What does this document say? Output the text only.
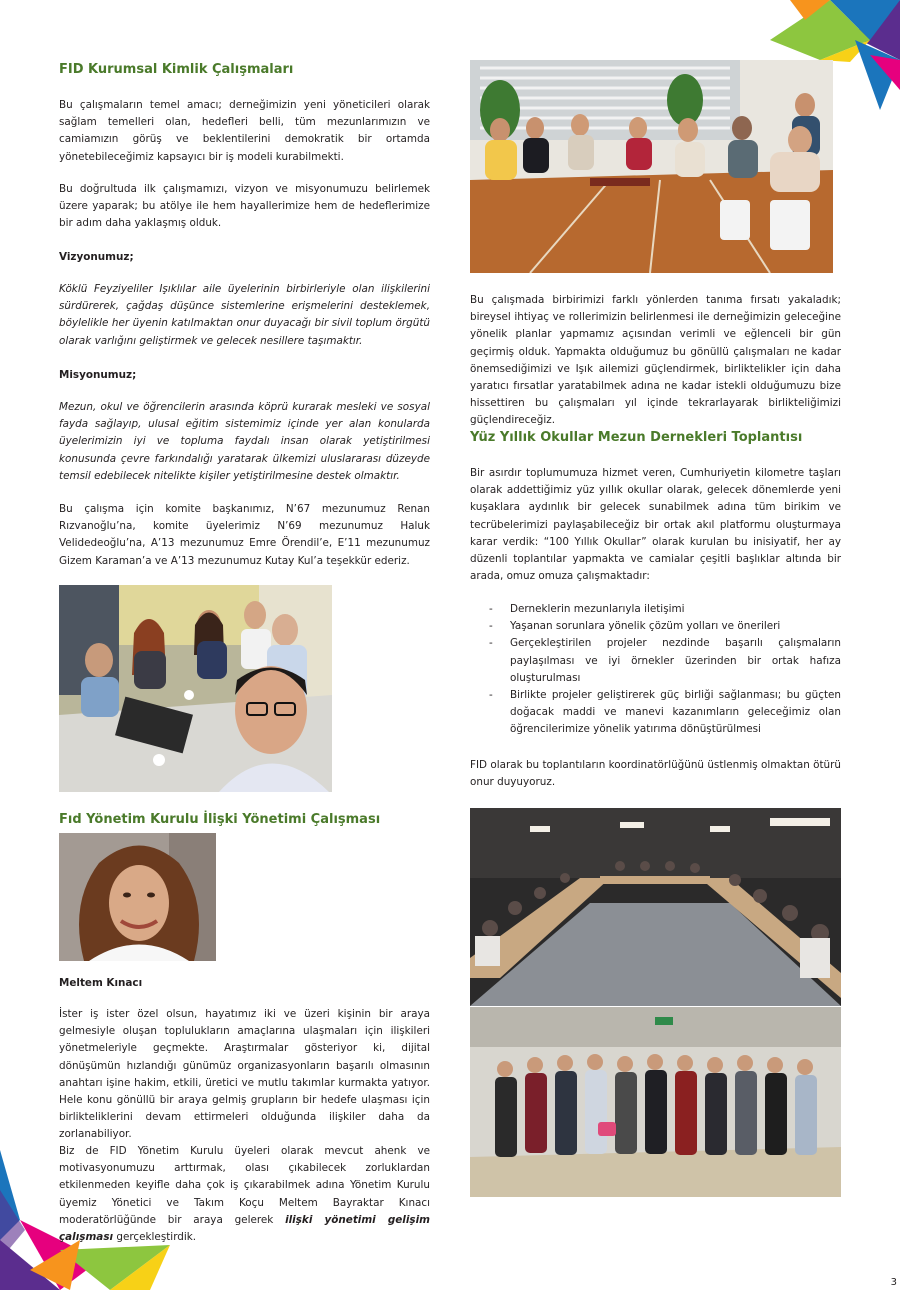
FID Kurumsal Kimlik Çalışmaları

Bu çalışmaların temel amacı; derneğimizin yeni yöneticileri olarak sağlam temelleri olan, hedefleri belli, tüm mezunlarımızın ve camiamızın görüş ve beklentilerini demokratik bir ortamda yönetebileceğimiz kapsayıcı bir iş modeli kurabilmekti.

Bu doğrultuda ilk çalışmamızı, vizyon ve misyonumuzu belirlemek üzere yaparak; bu atölye ile hem hayallerimize hem de hedeflerimize bir adım daha yaklaşmış olduk.

Vizyonumuz;

Köklü Feyziyeliler Işıklılar aile üyelerinin birbirleriyle olan ilişkilerini sürdürerek, çağdaş düşünce sistemlerine erişmelerini desteklemek, böylelikle her üyenin katılmaktan onur duyacağı bir sivil toplum örgütü olarak varlığını geliştirmek ve gelecek nesillere taşımaktır.

Misyonumuz;

Mezun, okul ve öğrencilerin arasında köprü kurarak mesleki ve sosyal fayda sağlayıp, ulusal eğitim sistemimiz içinde yer alan konularda üyelerimizin iyi ve topluma faydalı insan olarak yetiştirilmesi konusunda çevre farkındalığı yaratarak ülkemizi uluslararası düzeyde temsil edebilecek nitelikte kişiler yetiştirilmesine destek olmaktır.

Bu çalışma için komite başkanımız, N’67 mezunumuz Renan Rızvanoğlu’na, komite üyelerimiz N’69 mezunumuz Haluk Velidedeoğlu’na, A’13 mezunumuz Emre Örendil’e, E’11 mezunumuz Gizem Karaman’a ve A’13 mezunumuz Kutay Kul’a teşekkür ederiz.

Fıd Yönetim Kurulu İlişki Yönetimi Çalışması

Meltem Kınacı

İster iş ister özel olsun, hayatımız iki ve üzeri kişinin bir araya gelmesiyle oluşan toplulukların amaçlarına ulaşmaları için ilişkileri yönetmeleriyle geçmekte. Araştırmalar gösteriyor ki, dijital dönüşümün hızlandığı günümüz organizasyonların başarılı olmasının anahtarı işine hakim, etkili, üretici ve mutlu takımlar kurmakta yatıyor. Hele konu gönüllü bir araya gelmiş grupların bir hedefe ulaşması için birlikteliklerini devam ettirmeleri olduğunda ilişkiler daha da zorlanabiliyor.

Biz de FID Yönetim Kurulu üyeleri olarak mevcut ahenk ve motivasyonumuzu arttırmak, olası çıkabilecek zorluklardan etkilenmeden keyifle daha çok iş çıkarabilmek adına Yönetim Kurulu üyemiz Yönetici ve Takım Koçu Meltem Bayraktar Kınacı moderatörlüğünde bir araya gelerek ilişki yönetimi gelişim çalışması gerçekleştirdik.

Bu çalışmada birbirimizi farklı yönlerden tanıma fırsatı yakaladık; bireysel ihtiyaç ve rollerimizin belirlenmesi ile derneğimizin geleceğine yönelik planlar yapmamız açısından verimli ve eğlenceli bir gün geçirmiş olduk. Yapmakta olduğumuz bu gönüllü çalışmaları ne kadar önemsediğimizi ve Işık ailemizi güçlendirmek, birliktelikler için daha yaratıcı fırsatlar yaratabilmek adına ne kadar istekli olduğumuzu bize hissettiren bu çalışmaları yıl içinde tekrarlayarak birlikteliğimizi güçlendireceğiz.

Yüz Yıllık Okullar Mezun Dernekleri Toplantısı

Bir asırdır toplumumuza hizmet veren, Cumhuriyetin kilometre taşları olarak addettiğimiz yüz yıllık okullar olarak, gelecek dönemlerde yeni kuşaklara aydınlık bir gelecek sunabilmek adına tüm birikim ve tecrübelerimizi paylaşabileceğiz bir ortak akıl platformu oluşturmaya karar verdik: “100 Yıllık Okullar” olarak kurulan bu inisiyatif, her ay düzenli toplantılar yapmakta ve camialar çeşitli başlıklar altında bir arada, omuz omuza çalışmaktadır:

- Derneklerin mezunlarıyla iletişimi
- Yaşanan sorunlara yönelik çözüm yolları ve önerileri
- Gerçekleştirilen projeler nezdinde başarılı çalışmaların paylaşılması ve iyi örnekler üzerinden bir ortak hafıza oluşturulması
- Birlikte projeler geliştirerek güç birliği sağlanması; bu güçten doğacak maddi ve manevi kazanımların geleceğimiz olan öğrencilerimize yönelik yatırıma dönüştürülmesi

FID olarak bu toplantıların koordinatörlüğünü üstlenmiş olmaktan ötürü onur duyuyoruz.

3
